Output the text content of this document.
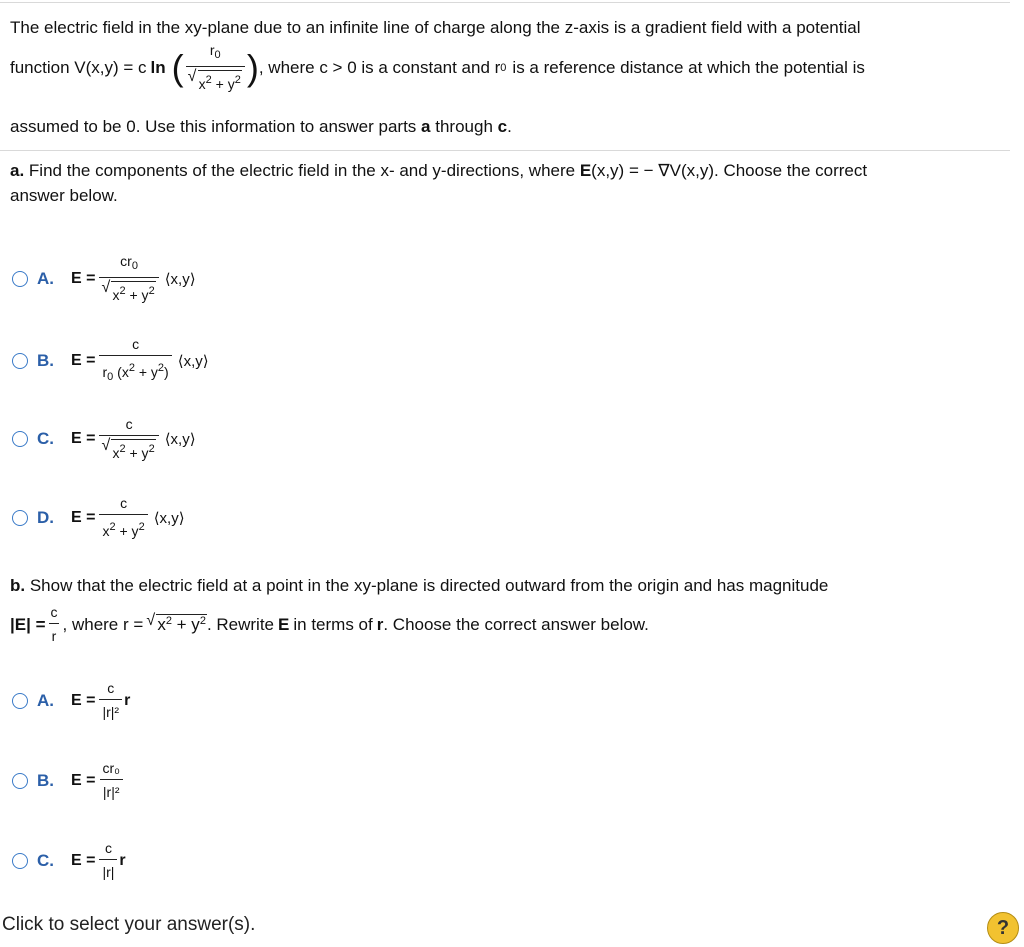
The electric field in the xy-plane due to an infinite line of charge along the z-axis is a gradient field with a potential
function V(x,y) = c ln ( $r_0$
√ $x^2 + y^2$ ) , where c > 0 is a constant and r 0 is a reference distance at which the potential is
assumed to be 0. Use this information to answer parts a through c.
a. Find the components of the electric field in the x- and y-directions, where E(x,y) = − ∇V(x,y). Choose the correct
answer below.
A.	$E = cr_0$
√ $x^2 + y^2$ ⟨x,y⟩
B.	$E = \frac{c}{r_0 (x^2 + y^2)}$ ⟨x,y⟩
C.	E = c
√ $x^2 + y^2$ ⟨x,y⟩
D.	$E = \frac{c}{x^2 + y^2}$ ⟨x,y⟩
b. Show that the electric field at a point in the xy-plane is directed outward from the origin and has magnitude
$|E| = \frac{c}{r}$ , where r =
√ $x^2 + y^2$ . Rewrite E in terms of r . Choose the correct answer below.
A.	$E = \frac{c}{\text{|r|²}}$ r
B.	$E = \frac{\text{cr₀}}{\text{|r|²}}$
C.	$E = \frac{c}{|r|}$ r
Click to select your answer(s).	?
